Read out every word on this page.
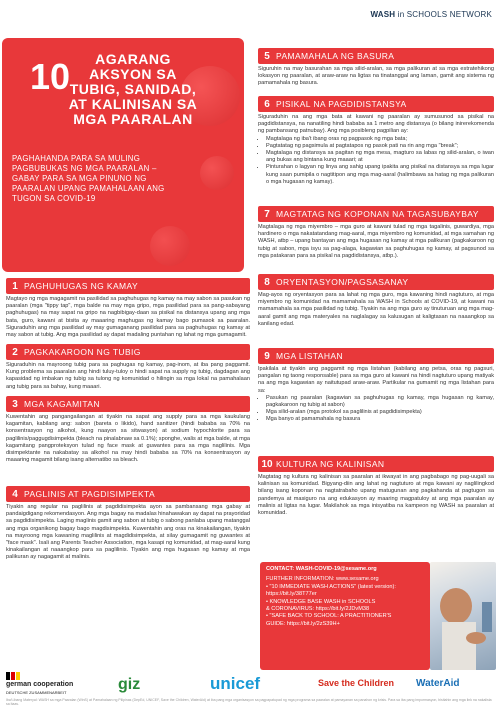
WASH in SCHOOLS NETWORK
10	AGARANG AKSYON SA TUBIG, SANIDAD, AT KALINISAN SA MGA PAARALAN
PAGHAHANDA PARA SA MULING PAGBUBUKAS NG MGA PAARALAN – GABAY PARA SA MGA PINUNO NG PAARALAN UPANG PAMAHALAAN ANG TUGON SA COVID-19
1 PAGHUHUGAS NG KAMAY
Magtayo ng mga magagamit na pasilidad sa paghuhugas ng kamay na may sabon sa pasukan ng paaralan (mga "tippy tap", mga balde na may mga gripo, mga pasilidad para sa pang-sabayang paghuhugas) na may sapat na gripo na nagbibigay-daan sa pisikal na distansya upang ang mga bata, guro, kawani at bisita ay maaaring maghugas ng kamay bago pumasok sa paaralan. Siguraduhin ang mga pasilidad ay may gumaganang pasilidad para sa paghuhugas ng kamay at may sabon at tubig. Ang mga pasilidad ay dapat madaling puntahan ng lahat ng mga gumagamit.
2 PAGKAKAROON NG TUBIG
Siguraduhin na mayroong tubig para sa paghugas ng kamay, pag-inom, at iba pang paggamit. Kung problema sa paaralan ang hindi tuluy-tuloy o hindi sapat na supply ng tubig, dagdagan ang kapasidad ng imbakan ng tubig sa tulong ng komunidad o hilingin sa mga lokal na pamahalaan ang tubig para sa bahay, kung maaari.
3 MGA KAGAMITAN
Kuwentahin ang pangangailangan at tiyakin na sapat ang supply para sa mga kaukulang kagamitan, kabilang ang: sabon (bareta o likido), hand sanitizer (hindi bababa sa 70% na konsentrasyon ng alkohol, kung naayon sa sitwasyon) at sodium hypochlorite para sa paglilinis/paggugdisimpekta (bleach na pinalabnaw sa 0.1%); sponghe, walis at mga balde, at mga kagamitang pangproteksyon tulad ng face mask at guwantes para sa mga naglilinis. Mga disimpektante na nakabatay sa alkohol na may hindi bababa sa 70% na konsentrasyon ay maaaring magamit bilang isang alternatibo sa bleach.
4 PAGLINIS AT PAGDISIMPEKTA
Tiyakin ang regular na paglilinis at pagdidisimpekta ayon sa pambansang mga gabay at pandaigdigang rekomendasyon. Ang mga bagay na madalas hinahawakan ay dapat na prayoridad sa pagdidisimpekta. Laging maglinis gamit ang sabon at tubig o sabong panlaba upang matanggal ang mga organikong bagay bago magdisimpekta. Kuwentahin ang oras na kinakailangan, tiyakin na mayroong mga kawaning maglilinis at magdidisimpekta, at silay gumagamit ng guwantes at "face mask". Isali ang Parents Teacher Association, mga kasapi ng komunidad, at mag-aaral kung kinakailangan at naaangkop para sa paglilinis. Tiyakin ang mga hugasan ng kamay at mga palikuran ay nagagamit at malinis.
5 PAMAMAHALA NG BASURA
Siguruhin na may basurahan sa mga silid-aralan, sa mga palikuran at sa mga estratehikong lokasyon ng paaralan, at araw-araw na ligtas na tinatanggal ang laman, gamit ang sistema ng pamamahala ng basura.
6 PISIKAL NA PAGDIDISTANSYA
Siguraduhin na ang mga bata at kawani ng paaralan ay sumusunod sa pisikal na pagdidistansya, na nanatiling hindi bababa sa 1 metro ang distansya (o bilang inirerekomenda ng pambansang patnubay). Ang mga posibleng pagpilian ay:
• Magtalaga ng iba't ibang oras ng pagpasok ng mga bata;
• Pagtatatag ng pagsimula at pagtatapos ng pasok pati na rin ang mga "break";
• Magtalaga ng distansya sa pagitan ng mga mesa, magturo sa labas ng silid-aralan, o iwan ang bukas ang bintana kung maaari; at
• Pinturahan o lagyan ng linya ang sahig upang ipakita ang pisikal na distansya sa mga lugar kung saan pumipila o nagtitipon ang mga mag-aaral (halimbawa sa hatag ng mga palikuran o mga hugasan ng kamay).
7 MAGTATAG NG KOPONAN NA TAGASUBAYBAY
Magtalaga ng mga miyembro – mga guro at kawani tulad ng mga tagalinis, guwardiya, mga hardinero o mga nakatatandang mag-aaral, mga miyembro ng komunidad, at mga samahan ng WASH, atbp – upang bantayan ang mga hugasan ng kamay at mga palikuran (pagkakaroon ng tubig at sabon, mga isyu sa pag-alaga, kagawian sa paghuhugas ng kamay, at pagsunod sa mga patakaran para sa pisikal na pagdidistansya, atbp.).
8 ORYENTASYON/PAGSASANAY
Mag-ayos ng oryentasyon para sa lahat ng mga guro, mga kawaning hindi nagtuturo, at mga miyembro ng komunidad na mamamahala sa WASH in Schools at COVID-19, at kawani na mamamahala sa mga pasilidad ng tubig. Tiyakin na ang mga guro ay tinuturuan ang mga mag-aaral gamit ang mga materyales na naglalagay sa kalusugan at kaligtasan na naaangkop sa kanilang edad.
9 MGA LISTAHAN
Ipakilala at tiyakin ang paggamit ng mga listahan (kabilang ang petsa, oras ng pagsuri, pangalan ng taong responsable) para sa mga guro at kawani na hindi nagtuturo upang matiyak na ang mga kagawian ay naitutupad araw-araw. Partikular na gumamit ng mga listahan para sa:
• Pasukan ng paaralan (kagawian sa paghuhugas ng kamay, mga hugasan ng kamay, pagkakaroon ng tubig at sabon)
• Mga silid-aralan (mga protokol sa paglilinis at pagdidisimpekta)
• Mga banyo at pamamahala ng basura
10 KULTURA NG KALINISAN
Magtatag ng kultura ng kalinisan sa paaralan at ikwayat in ang pagbabago ng pag-uugali sa kalinisan sa komunidad. Bigyang-diin ang lahat ng nagtuturo at mga kawani ay naglilingkod bilang isang koponan na nagtatrabaho upang matugunan ang pagkahanda at pagtugon sa pandemya at masiguro na ang edukasyon ay maaring magpatuloy at ang mga paaralan ay malinis at ligtas na lugar. Makilahok sa mga inisyatiba na kampeon ng WASH sa paaralan at komunidad.
CONTACT: WASH-COVID-19@sesame.org
FURTHER INFORMATION: www.sesame.org
• "10 IMMEDIATE WASH ACTIONS" (latest version):
https://bit.ly/38T77er
• KNOWLEDGE BASE WASH in SCHOOLS
& CORONAVIRUS: https://bit.ly/2JDvM38
• "SAFE BACK TO SCHOOL: A PRACTITIONER'S
GUIDE: https://bit.ly/2zS39H+
german cooperation
DEUTSCHE ZUSAMMENARBEIT	giz	unicef	Save the Children WaterAid
Iba't-ibang Materyal: WASH sa mga Paaralan (WinS) at Pamahalaan ng Pilipinas (DepEd, UNICEF, Save the Children, WaterAid) at iba pang mga organisasyon sa pagpapatupad ng mga programa sa paaralan at pamayanan sa panahon ng krisis. Para sa iba pang impormasyon, bisitahin ang mga link na nakalista sa itaas.
